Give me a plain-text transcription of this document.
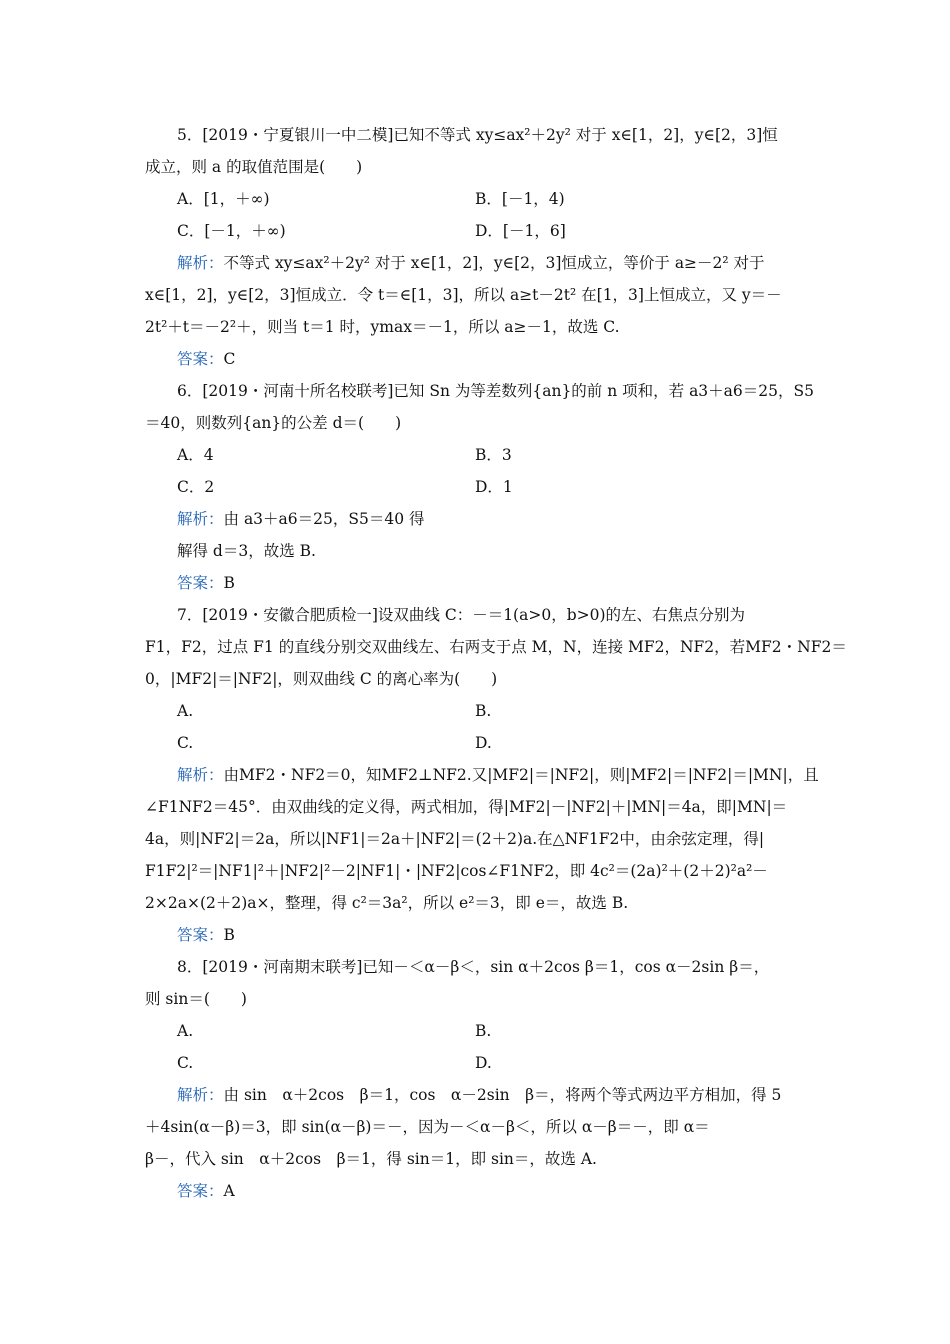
5．[2019・宁夏银川一中二模]已知不等式 xy≤ax²＋2y² 对于 x∈[1，2]，y∈[2，3]恒
成立，则 a 的取值范围是(　　)
A．[1，＋∞)	B．[－1，4)
C．[－1，＋∞)	D．[－1，6]
解析：不等式 xy≤ax²＋2y² 对于 x∈[1，2]，y∈[2，3]恒成立，等价于 a≥－2² 对于
x∈[1，2]，y∈[2，3]恒成立．令 t＝∈[1，3]，所以 a≥t－2t² 在[1，3]上恒成立，又 y＝－
2t²＋t＝－2²＋，则当 t＝1 时，ymax＝－1，所以 a≥－1，故选 C.
答案：C
6．[2019・河南十所名校联考]已知 Sn 为等差数列{an}的前 n 项和，若 a3＋a6＝25，S5
＝40，则数列{an}的公差 d＝(　　)
A．4	B．3
C．2	D．1
解析：由 a3＋a6＝25，S5＝40 得
解得 d＝3，故选 B.
答案：B
7．[2019・安徽合肥质检一]设双曲线 C：－＝1(a>0，b>0)的左、右焦点分别为
F1，F2，过点 F1 的直线分别交双曲线左、右两支于点 M，N，连接 MF2，NF2，若MF2・NF2＝
0，|MF2|＝|NF2|，则双曲线 C 的离心率为(　　)
A.	B.
C.	D.
解析：由MF2・NF2＝0，知MF2⊥NF2.又|MF2|＝|NF2|，则|MF2|＝|NF2|＝|MN|，且
∠F1NF2＝45°．由双曲线的定义得，两式相加，得|MF2|－|NF2|＋|MN|＝4a，即|MN|＝
4a，则|NF2|＝2a，所以|NF1|＝2a＋|NF2|＝(2＋2)a.在△NF1F2中，由余弦定理，得|
F1F2|²＝|NF1|²＋|NF2|²－2|NF1|・|NF2|cos∠F1NF2，即 4c²＝(2a)²＋(2＋2)²a²－
2×2a×(2＋2)a×，整理，得 c²＝3a²，所以 e²＝3，即 e＝，故选 B.
答案：B
8．[2019・河南期末联考]已知－＜α－β＜，sin α＋2cos β＝1，cos α－2sin β＝，
则 sin＝(　　)
A.	B.
C.	D.
解析：由 sin　α＋2cos　β＝1，cos　α－2sin　β＝，将两个等式两边平方相加，得 5
＋4sin(α－β)＝3，即 sin(α－β)＝－，因为－＜α－β＜，所以 α－β＝－，即 α＝
β－，代入 sin　α＋2cos　β＝1，得 sin＝1，即 sin＝，故选 A.
答案：A
